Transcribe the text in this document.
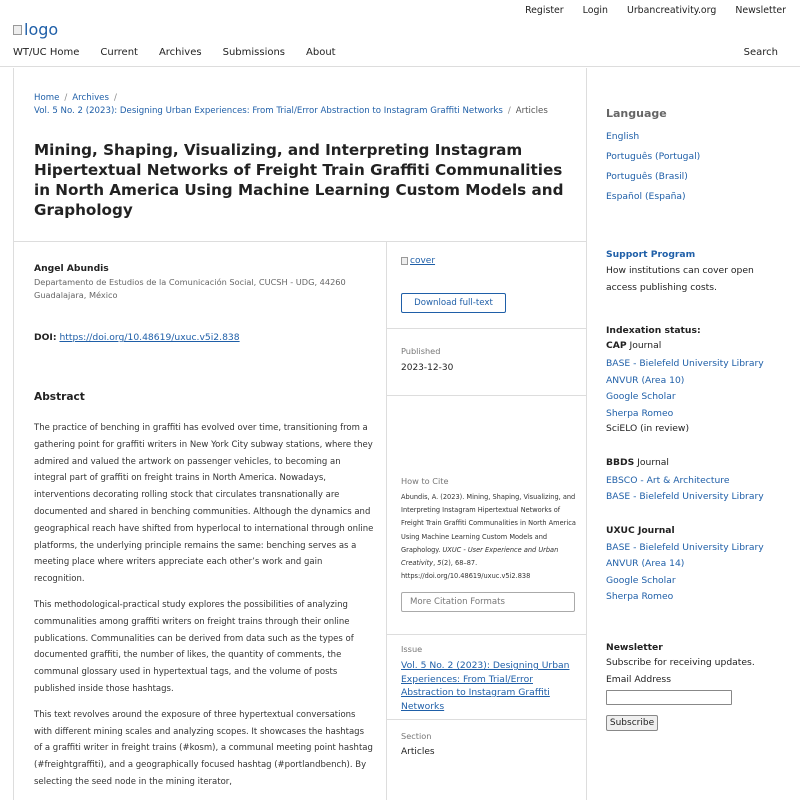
logo
Register Login Urbancreativity.org Newsletter
WT/UC Home Current Archives Submissions About	Search
Home / Archives /
Vol. 5 No. 2 (2023): Designing Urban Experiences: From Trial/Error Abstraction to Instagram Graffiti Networks / Articles
Mining, Shaping, Visualizing, and Interpreting Instagram Hipertextual Networks of Freight Train Graffiti Communalities in North America Using Machine Learning Custom Models and Graphology
Angel Abundis
Departamento de Estudios de la Comunicación Social, CUCSH - UDG, 44260 Guadalajara, México
DOI: https://doi.org/10.48619/uxuc.v5i2.838
Abstract

The practice of benching in graffiti has evolved over time, transitioning from a gathering point for graffiti writers in New York City subway stations, where they admired and valued the artwork on passenger vehicles, to becoming an integral part of graffiti on freight trains in North America. Nowadays, interventions decorating rolling stock that circulates transnationally are documented and shared in benching communities. Although the dynamics and geographical reach have shifted from hyperlocal to international through online platforms, the underlying principle remains the same: benching serves as a meeting place where writers appreciate each other’s work and gain recognition.

This methodological-practical study explores the possibilities of analyzing communalities among graffiti writers on freight trains through their online publications. Communalities can be derived from data such as the types of documented graffiti, the number of likes, the quantity of comments, the communal glossary used in hypertextual tags, and the volume of posts published inside those hashtags.

This text revolves around the exposure of three hypertextual conversations with different mining scales and analyzing scopes. It showcases the hashtags of a graffiti writer in freight trains (#kosm), a communal meeting point hashtag (#freightgraffiti), and a geographically focused hashtag (#portlandbench). By selecting the seed node in the mining iterator,

cover
Download full-text
Published
2023-12-30
How to Cite
Abundis, A. (2023). Mining, Shaping, Visualizing, and Interpreting Instagram Hipertextual Networks of Freight Train Graffiti Communalities in North America Using Machine Learning Custom Models and Graphology. UXUC - User Experience and Urban Creativity, 5(2), 68–87. https://doi.org/10.48619/uxuc.v5i2.838
More Citation Formats
Issue
Vol. 5 No. 2 (2023): Designing Urban Experiences: From Trial/Error Abstraction to Instagram Graffiti Networks
Section
Articles
Language
English
Português (Portugal)
Português (Brasil)
Español (España)
Support Program
How institutions can cover open access publishing costs.
Indexation status:
CAP Journal
BASE - Bielefeld University Library
ANVUR (Area 10)
Google Scholar
Sherpa Romeo
SciELO (in review)
BBDS Journal
EBSCO - Art & Architecture
BASE - Bielefeld University Library
UXUC Journal
BASE - Bielefeld University Library
ANVUR (Area 14)
Google Scholar
Sherpa Romeo
Newsletter
Subscribe for receiving updates.
Email Address
Subscribe
